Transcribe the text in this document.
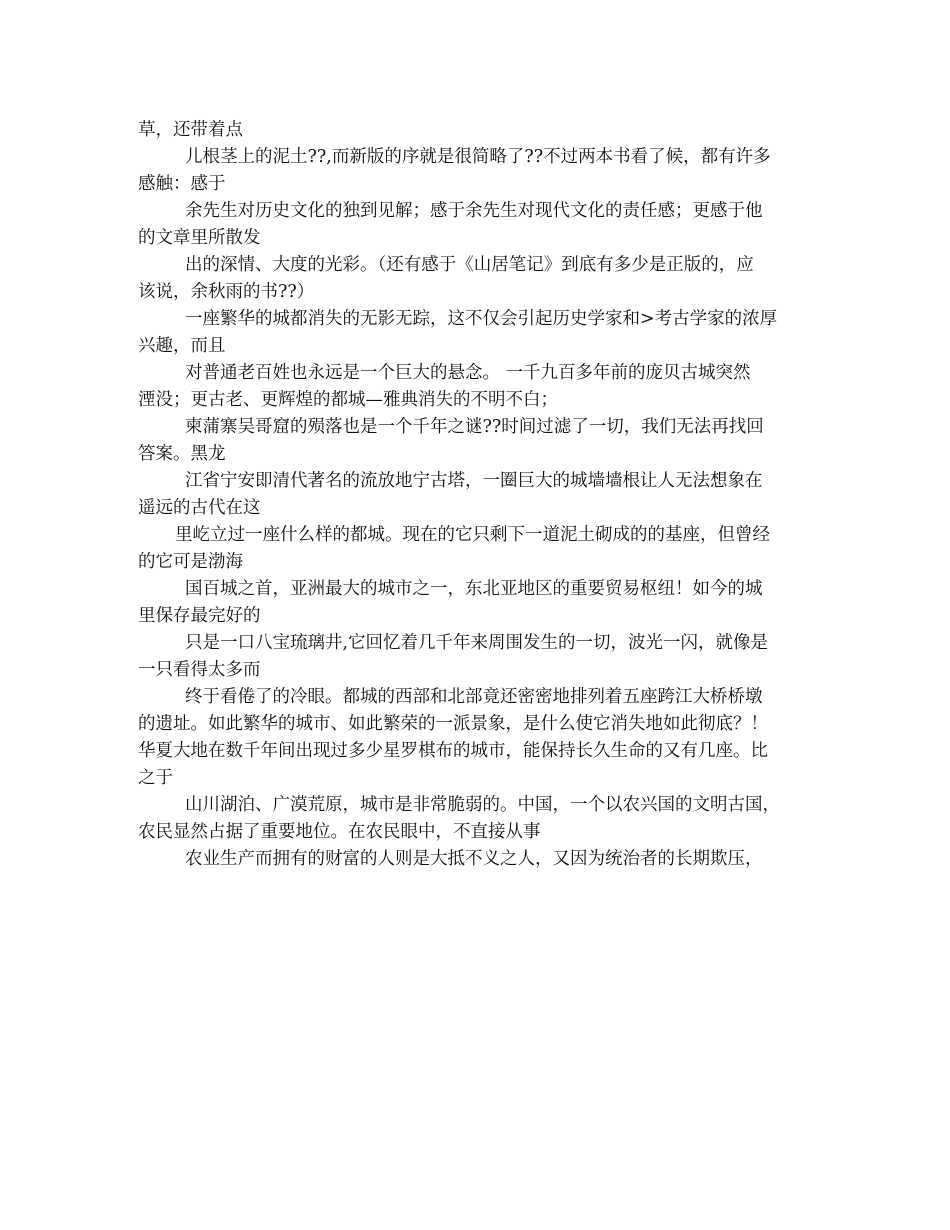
草，还带着点
儿根茎上的泥土??,而新版的序就是很简略了??不过两本书看了候，都有许多
感触：感于
余先生对历史文化的独到见解；感于余先生对现代文化的责任感；更感于他
的文章里所散发
出的深情、大度的光彩。（还有感于《山居笔记》到底有多少是正版的，应
该说，余秋雨的书??）
一座繁华的城都消失的无影无踪，这不仅会引起历史学家和>考古学家的浓厚
兴趣，而且
对普通老百姓也永远是一个巨大的悬念。 一千九百多年前的庞贝古城突然
湮没；更古老、更辉煌的都城—雅典消失的不明不白；
柬蒲寨吴哥窟的殒落也是一个千年之谜??时间过滤了一切，我们无法再找回
答案。黑龙
江省宁安即清代著名的流放地宁古塔，一圈巨大的城墙墙根让人无法想象在
遥远的古代在这
里屹立过一座什么样的都城。现在的它只剩下一道泥土砌成的的基座，但曾经
的它可是渤海
国百城之首，亚洲最大的城市之一，东北亚地区的重要贸易枢纽！如今的城
里保存最完好的
只是一口八宝琉璃井,它回忆着几千年来周围发生的一切，波光一闪，就像是
一只看得太多而
终于看倦了的冷眼。都城的西部和北部竟还密密地排列着五座跨江大桥桥墩
的遗址。如此繁华的城市、如此繁荣的一派景象，是什么使它消失地如此彻底？！
华夏大地在数千年间出现过多少星罗棋布的城市，能保持长久生命的又有几座。比
之于
山川湖泊、广漠荒原，城市是非常脆弱的。中国，一个以农兴国的文明古国，
农民显然占据了重要地位。在农民眼中，不直接从事
农业生产而拥有的财富的人则是大抵不义之人，又因为统治者的长期欺压，
